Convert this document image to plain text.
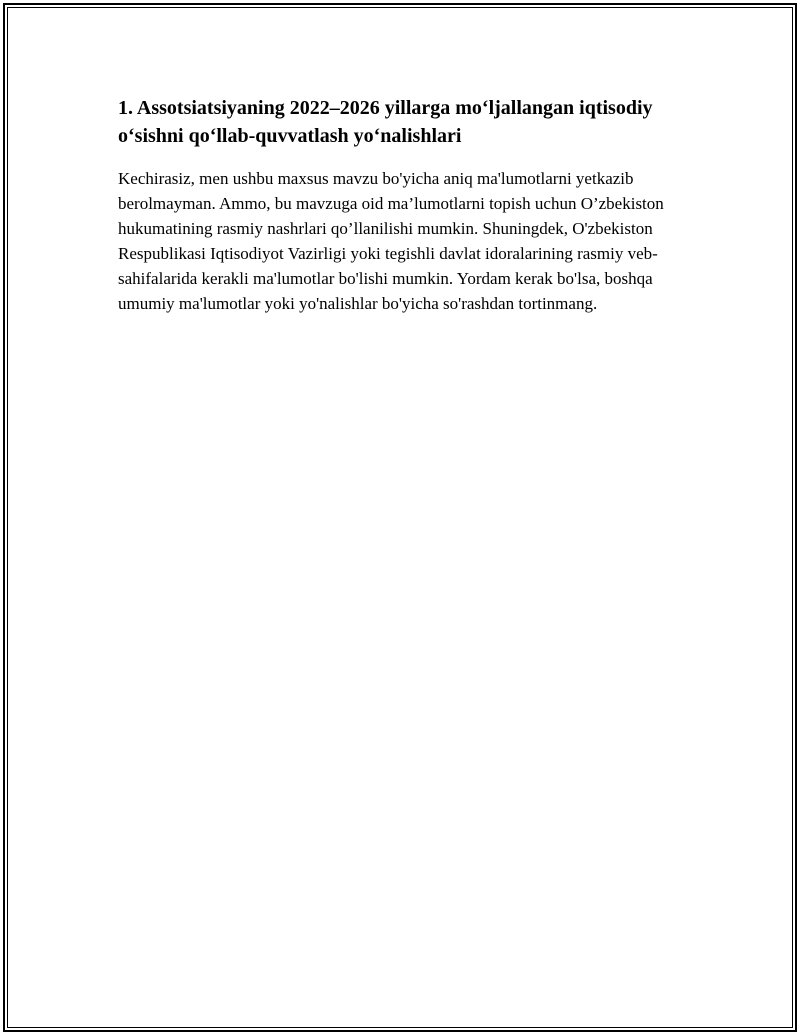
1. Assotsiatsiyaning 2022–2026 yillarga mo‘ljallangan iqtisodiy o‘sishni qo‘llab-quvvatlash yo‘nalishlari

Kechirasiz, men ushbu maxsus mavzu bo'yicha aniq ma'lumotlarni yetkazib berolmayman. Ammo, bu mavzuga oid ma’lumotlarni topish uchun O’zbekiston hukumatining rasmiy nashrlari qo’llanilishi mumkin. Shuningdek, O'zbekiston Respublikasi Iqtisodiyot Vazirligi yoki tegishli davlat idoralarining rasmiy veb-sahifalarida kerakli ma'lumotlar bo'lishi mumkin. Yordam kerak bo'lsa, boshqa umumiy ma'lumotlar yoki yo'nalishlar bo'yicha so'rashdan tortinmang.
